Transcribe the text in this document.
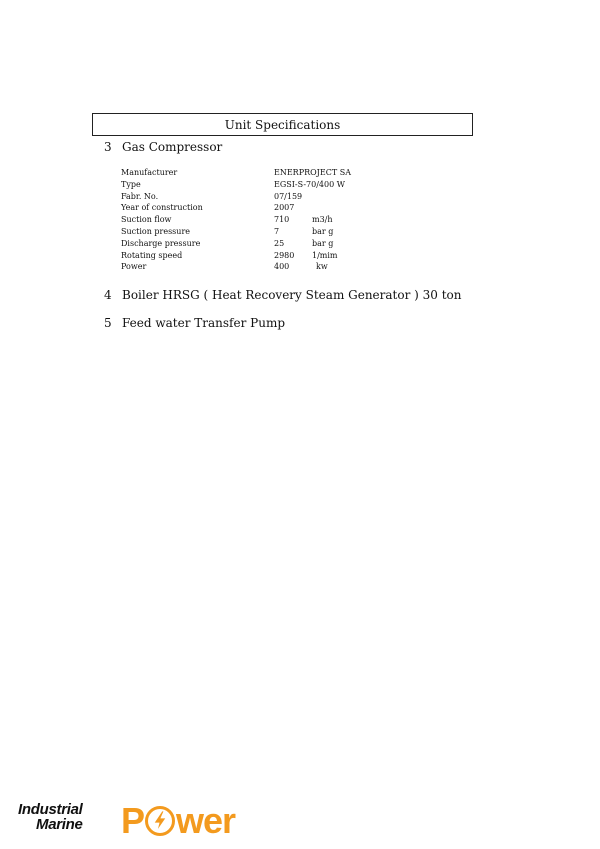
Unit Specifications
3 Gas Compressor
Manufacturer	ENERPROJECT SA
Type	EGSI-S-70/400 W
Fabr. No.	07/159
Year of construction	2007
Suction flow	710	m3/h
Suction pressure	7	bar g
Discharge pressure	25	bar g
Rotating speed	2980	1/mim
Power	400	kw
4 Boiler HRSG ( Heat Recovery Steam Generator ) 30 ton
5 Feed water Transfer Pump
Industrial
Marine P wer
